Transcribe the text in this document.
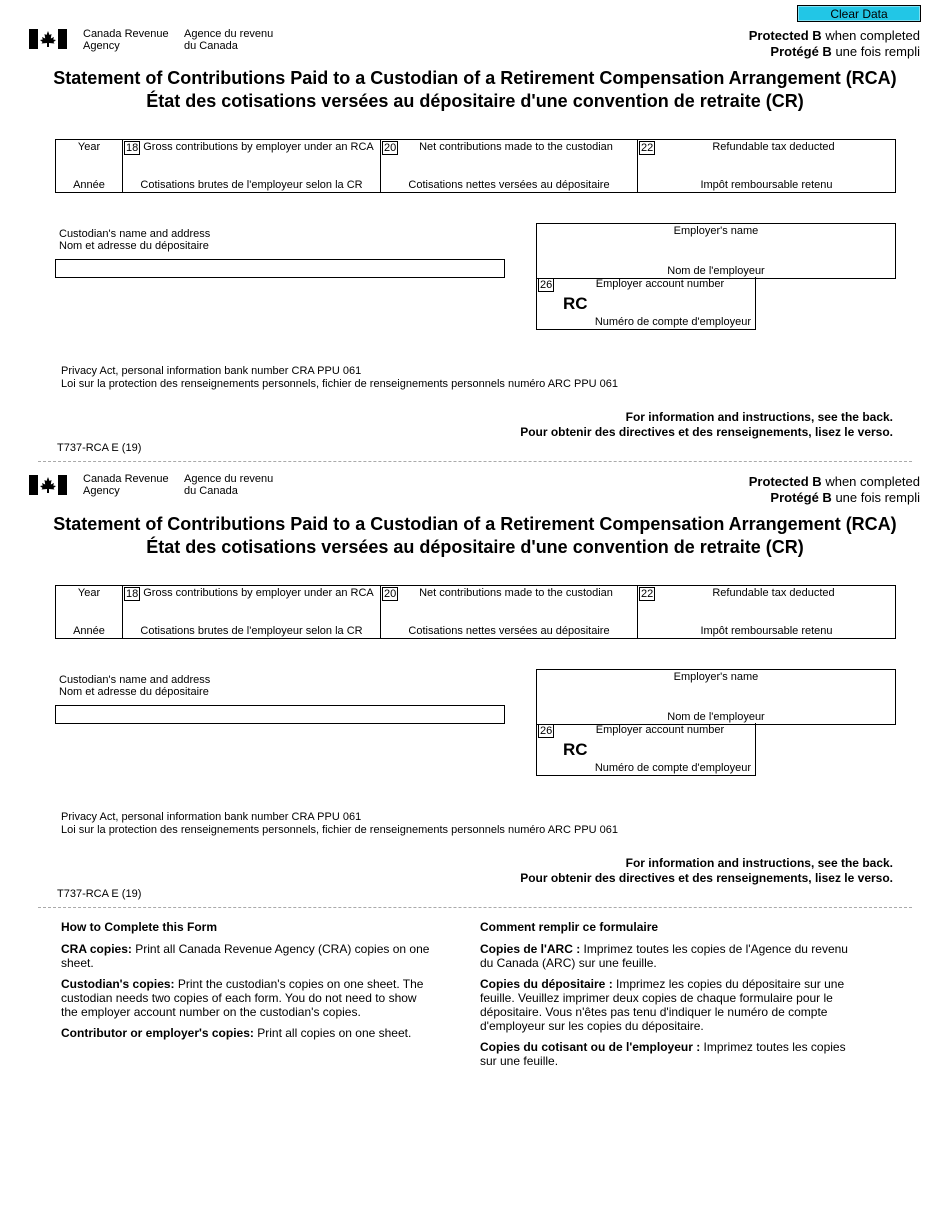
Clear Data
Canada Revenue
Agency
Agence du revenu
du Canada
Protected B when completed
Protégé B une fois rempli
Statement of Contributions Paid to a Custodian of a Retirement Compensation Arrangement (RCA)
État des cotisations versées au dépositaire d'une convention de retraite (CR)
Year
Année

18 Gross contributions by employer under an RCA
Cotisations brutes de l'employeur selon la CR

20	Net contributions made to the custodian
Cotisations nettes versées au dépositaire

22	Refundable tax deducted
Impôt remboursable retenu
Custodian's name and address
Nom et adresse du dépositaire
Employer's name
Nom de l'employeur
26	Employer account number
RC
Numéro de compte d'employeur
Privacy Act, personal information bank number CRA PPU 061
Loi sur la protection des renseignements personnels, fichier de renseignements personnels numéro ARC PPU 061
For information and instructions, see the back.
Pour obtenir des directives et des renseignements, lisez le verso.
T737-RCA E (19)
Canada Revenue
Agency
Agence du revenu
du Canada
Protected B when completed
Protégé B une fois rempli
Statement of Contributions Paid to a Custodian of a Retirement Compensation Arrangement (RCA)
État des cotisations versées au dépositaire d'une convention de retraite (CR)
Year
Année

18 Gross contributions by employer under an RCA
Cotisations brutes de l'employeur selon la CR

20	Net contributions made to the custodian
Cotisations nettes versées au dépositaire

22	Refundable tax deducted
Impôt remboursable retenu
Custodian's name and address
Nom et adresse du dépositaire
Employer's name
Nom de l'employeur
26	Employer account number
RC
Numéro de compte d'employeur
Privacy Act, personal information bank number CRA PPU 061
Loi sur la protection des renseignements personnels, fichier de renseignements personnels numéro ARC PPU 061
For information and instructions, see the back.
Pour obtenir des directives et des renseignements, lisez le verso.
T737-RCA E (19)
How to Complete this Form

CRA copies: Print all Canada Revenue Agency (CRA) copies on one sheet.

Custodian's copies: Print the custodian's copies on one sheet. The custodian needs two copies of each form. You do not need to show the employer account number on the custodian's copies.

Contributor or employer's copies: Print all copies on one sheet.

Comment remplir ce formulaire

Copies de l'ARC : Imprimez toutes les copies de l'Agence du revenu du Canada (ARC) sur une feuille.

Copies du dépositaire : Imprimez les copies du dépositaire sur une feuille. Veuillez imprimer deux copies de chaque formulaire pour le dépositaire. Vous n'êtes pas tenu d'indiquer le numéro de compte d'employeur sur les copies du dépositaire.

Copies du cotisant ou de l'employeur : Imprimez toutes les copies sur une feuille.
